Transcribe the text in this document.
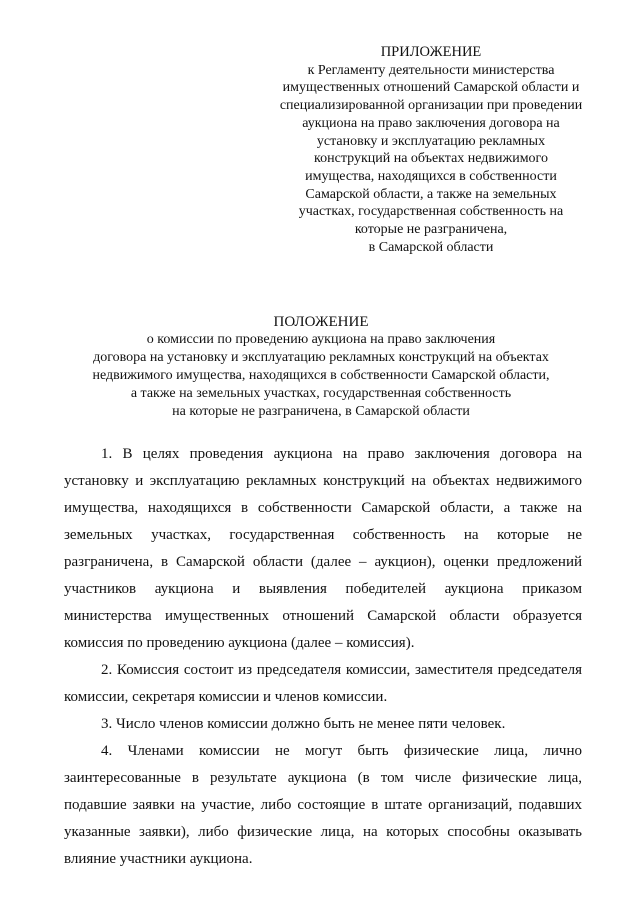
ПРИЛОЖЕНИЕ
к Регламенту деятельности министерства
имущественных отношений Самарской области и
специализированной организации при проведении
аукциона на право заключения договора на
установку и эксплуатацию рекламных
конструкций на объектах недвижимого
имущества, находящихся в собственности
Самарской области, а также на земельных
участках, государственная собственность на
которые не разграничена,
в Самарской области
ПОЛОЖЕНИЕ
о комиссии по проведению аукциона на право заключения
договора на установку и эксплуатацию рекламных конструкций на объектах
недвижимого имущества, находящихся в собственности Самарской области,
а также на земельных участках, государственная собственность
на которые не разграничена, в Самарской области
1. В целях проведения аукциона на право заключения договора на
установку и эксплуатацию рекламных конструкций на объектах недвижимого
имущества, находящихся в собственности Самарской области, а также на
земельных участках, государственная собственность на которые не
разграничена, в Самарской области (далее – аукцион), оценки предложений
участников аукциона и выявления победителей аукциона приказом
министерства имущественных отношений Самарской области образуется
комиссия по проведению аукциона (далее – комиссия).
2. Комиссия состоит из председателя комиссии, заместителя председателя
комиссии, секретаря комиссии и членов комиссии.
3. Число членов комиссии должно быть не менее пяти человек.
4. Членами комиссии не могут быть физические лица, лично
заинтересованные в результате аукциона (в том числе физические лица,
подавшие заявки на участие, либо состоящие в штате организаций, подавших
указанные заявки), либо физические лица, на которых способны оказывать
влияние участники аукциона.
